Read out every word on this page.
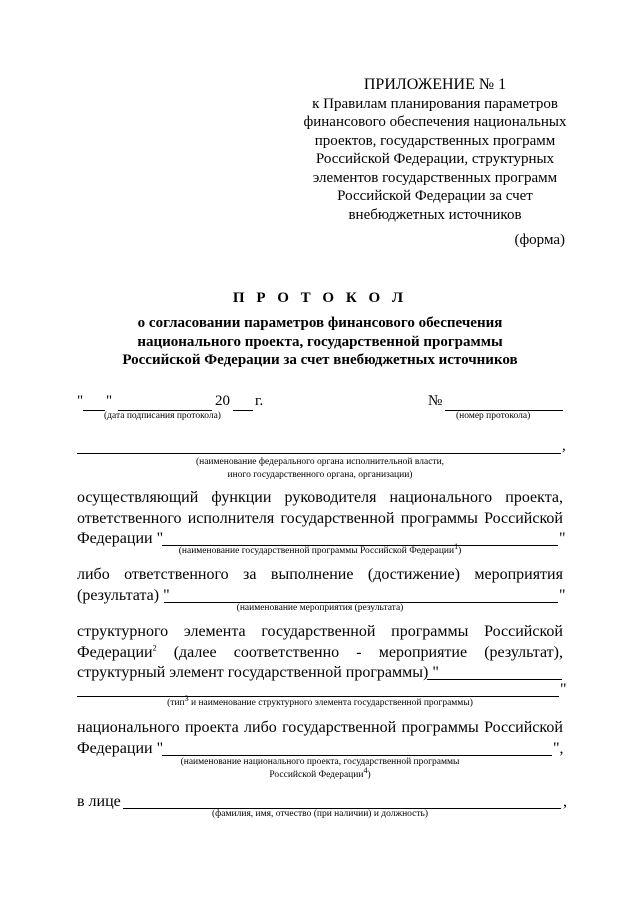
ПРИЛОЖЕНИЕ № 1
к Правилам планирования параметров
финансового обеспечения национальных
проектов, государственных программ
Российской Федерации, структурных
элементов государственных программ
Российской Федерации за счет
внебюджетных источников
(форма)
П Р О Т О К О Л
о согласовании параметров финансового обеспечения
национального проекта, государственной программы
Российской Федерации за счет внебюджетных источников
" "	20 г.
(дата подписания протокола)
№
(номер протокола)
,
(наименование федерального органа исполнительной власти,
иного государственного органа, организации)
осуществляющий функции руководителя национального проекта,
ответственного исполнителя государственной программы Российской
Федерации "	"
(наименование государственной программы Российской Федерации$^1$)
либо ответственного за выполнение (достижение) мероприятия
(результата) "	"
(наименование мероприятия (результата)
структурного элемента государственной программы Российской
Федерации$^2$ (далее соответственно - мероприятие (результат),
структурный элемент государственной программы) "
"
(тип$^3$ и наименование структурного элемента государственной программы)
национального проекта либо государственной программы Российской
Федерации "	",
(наименование национального проекта, государственной программы
Российской Федерации$^4$)
в лице	,
(фамилия, имя, отчество (при наличии) и должность)
